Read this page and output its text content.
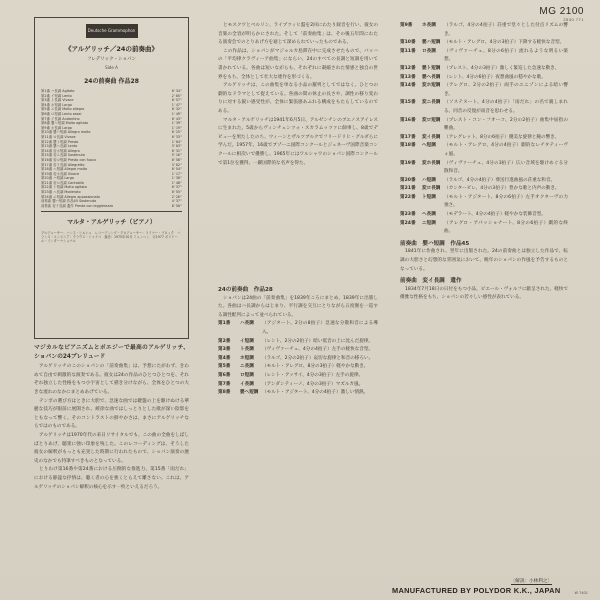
MG 2100
2530 771
Deutsche Grammophon
《アルゲリッチ／24の前奏曲》
フレデリック・ショパン
Side A
24の前奏曲 作品28
第1番 ハ長調 Agitato	0'34"
第2番 イ短調 Lento	2'05"
第3番 ト長調 Vivace	0'57"
第4番 ホ短調 Largo	1'47"
第5番 ニ長調 Molto allegro	0'32"
第6番 ロ短調 Lento assai	1'49"
第7番 イ長調 Andantino	0'43"
第8番 嬰ヘ短調 Molto agitato	1'39"
第9番 ホ長調 Largo	1'19"
第10番 嬰ハ短調 Allegro molto	0'25"
第11番 ロ長調 Vivace	0'33"
第12番 嬰ト短調 Presto	1'04"
第13番 嬰ヘ長調 Lento	3'03"
第14番 変ホ短調 Allegro	0'31"
第15番 変ニ長調 Sostenuto	5'16"
第16番 変ロ短調 Presto con fuoco	0'58"
第17番 変イ長調 Allegretto	3'02"
第18番 ヘ短調 Allegro molto	0'54"
第19番 変ホ長調 Vivace	1'17"
第20番 ハ短調 Largo	1'30"
第21番 変ロ長調 Cantabile	1'48"
第22番 ト短調 Molto agitato	0'37"
第23番 ヘ長調 Moderato	0'55"
第24番 ニ短調 Allegro appassionato	2'26"
前奏曲 嬰ハ短調 作品45 Sostenuto	4'37"
前奏曲 変イ長調 遺作 Presto con leggierezza	0'50"
マルタ・アルゲリッチ（ピアノ）
プロデューサー：ハンス・ヒルシュ　レコーディング・プロデューサー：ライナー・ブロック　バランス・エンジニア：クラウス・シャイベ　録音：1975年10月 ミュンヘン　ⓟ1977 ポリドール・インターナショナル

マジカルなピアニズムとポエジーで最高のアルゲリッチ、ショパンの24プレリュード

アルゲリッチのこのショパンの「前奏曲集」は、予想にたがわず、きわめて自由で刺激的な演奏である。彼女は24の作品のひとつひとつを、それぞれ独立した性格をもつ小宇宙として描き分けながら、全体をひとつの大きな流れのなかにまとめあげている。

テンポの選び方はときに大胆で、急速な曲では鍵盤の上を駆けぬける華麗な技巧が眼前に展開され、緩徐な曲ではしっとりとした歌が深い陰影をともなって響く。そのコントラストの鮮やかさは、まさにアルゲリッチならではのものである。

アルゲリッチは1970年代の来日リサイタルでも、この曲の全曲をしばしばとりあげ、聴衆に強い印象を残した。このレコーディングは、そうした彼女の解釈がもっとも充実した時期に行われたもので、ショパン演奏の歴史のなかでも特筆すべきものとなっている。

とりわけ第16番や第24番における圧倒的な推進力、第15番「雨だれ」における静謐な抒情は、聴く者の心を強くとらえて離さない。これは、アルゲリッチのショパン解釈の核心を示す一枚といえるだろう。

とモスクワとベルリン、ライプツィヒ盤を2回にわたり録音を行い、彼女の音楽の全容が明らかにされた。そして「前奏曲集」は、その後五年間にわたる演奏会でのとりあげ方を通じて深められていったものである。

この作品は、ショパンがマジョルカ島滞在中に完成させたもので、バッハの「平均律クラヴィーア曲集」にならい、24のすべての長調と短調を用いて書かれている。各曲は短いながらも、それぞれに凝縮された情感と独自の世界をもち、全体として壮大な連作を形づくる。

アルゲリッチは、この曲集を単なる小品の羅列としてではなく、ひとつの劇的なドラマとして捉えている。各曲の間の休止の長さや、調性の移り変わりに対する鋭い感受性が、全体に緊張感あふれる構成をもたらしているのである。

マルタ・アルゲリッチは1941年6月5日、アルゼンチンのブエノスアイレスに生まれた。5歳からヴィンチェンツォ・スカラムッツァに師事し、8歳でデビューを果たしたのち、ウィーンとザルツブルクでフリードリヒ・グルダらに学んだ。1957年、16歳でブゾーニ国際コンクールとジュネーヴ国際音楽コンクールに相次いで優勝し、1965年にはワルシャワのショパン国際コンクールで第1位を獲得、一躍国際的な名声を得た。

24の前奏曲　作品28

ショパンは24曲の「前奏曲集」を1839年ころにまとめ、1839年に出版した。各曲はハ長調からはじまり、平行調を交互にとりながら五度圏を一巡する調性配列によって並べられている。

第1番	ハ長調	（アジタート、2分の8拍子）急速な分散和音による導入。
第2番	イ短調	（レント、2分の2拍子）暗い低音の上に沈んだ旋律。
第3番	ト長調	（ヴィヴァーチェ、4分の4拍子）左手の軽快な音型。
第4番	ホ短調	（ラルゴ、2分の2拍子）哀切な旋律と和音の移ろい。
第5番	ニ長調	（モルト・アレグロ、8分の3拍子）軽やかな動き。
第6番	ロ短調	（レント・アッサイ、4分の3拍子）左手の旋律。
第7番	イ長調	（アンダンティーノ、4分の3拍子）マズルカ風。
第8番	嬰ヘ短調 （モルト・アジタート、4分の4拍子）激しい情熱。
第9番	ホ長調	（ラルゴ、4分の4拍子）荘重で堂々とした付点リズムの響き。
第10番	嬰ハ短調 （モルト・アレグロ、4分の3拍子）下降する軽快な音型。
第11番	ロ長調	（ヴィヴァーチェ、8分の6拍子）流れるような明るい楽想。
第12番	嬰ト短調 （プレスト、4分の3拍子）激しく緊迫した急速な動き。
第13番	嬰ヘ長調 （レント、4分の6拍子）夜想曲風の穏やかな歌。
第14番	変ホ短調 （アレグロ、2分の2拍子）両手のユニゾンによる暗い響き。
第15番	変ニ長調 （ソステヌート、4分の4拍子）「雨だれ」の名で親しまれる。同音の反復が雨音を思わせる。
第16番	変ロ短調 （プレスト・コン・フオーコ、2分の2拍子）曲集中屈指の難曲。
第17番	変イ長調 （アレグレット、8分の6拍子）優美な旋律と鐘の響き。
第18番	ヘ短調	（モルト・アレグロ、4分の4拍子）劇的なレチタティーヴォ風。
第19番	変ホ長調 （ヴィヴァーチェ、4分の3拍子）広い音域を駆けめぐる分散和音。
第20番	ハ短調	（ラルゴ、4分の4拍子）葬送行進曲風の荘重な和音。
第21番	変ロ長調 （カンタービレ、4分の3拍子）豊かな歌と内声の動き。
第22番	ト短調	（モルト・アジタート、8分の6拍子）左手オクターヴの力強さ。
第23番	ヘ長調	（モデラート、4分の4拍子）軽やかな装飾音型。
第24番	ニ短調	（アレグロ・アパッショナート、8分の6拍子）劇的な終曲。

前奏曲　嬰ハ短調　作品45

1841年に作曲され、翌年に出版された。24の前奏曲とは独立した作品で、転調の大胆さと幻想的な雰囲気において、晩年のショパンの作風を予告するものとなっている。

前奏曲　変イ長調　遺作

1834年7月18日の日付をもつ小品。ピエール・ヴォルフに献呈された。軽快で優雅な性格をもち、ショパンの若々しい感性が表れている。

〔解説：小林利之〕
MANUFACTURED BY POLYDOR K.K., JAPAN	W 7401
